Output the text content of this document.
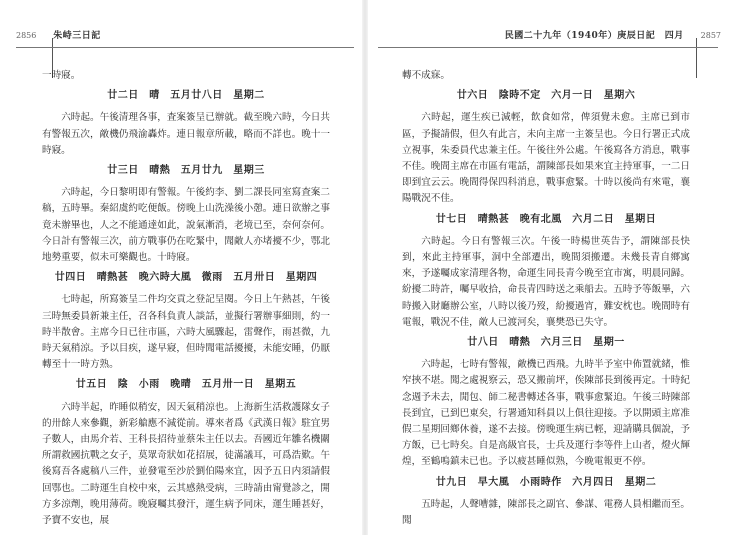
2856 朱峙三日記

一時寢。

廿二日　晴　五月廿八日　星期二

六時起。午後清理各事，査案簽呈已辦就。截至晚六時，今日共有警報五次，敵機仍飛渝轟炸。連日報章所載，略而不詳也。晚十一時寢。

廿三日　晴熱　五月廿九　星期三

六時起，今日黎明即有警報。午後約李、劉二課長同室寫査案二稿，五時畢。秦紹虞約吃便飯。傍晚上山洗澡後小憩。連日欲辦之事竟未辦畢也，人之不能通達如此，說氣漸消，老境已至，奈何奈何。今日計有警報三次，前方戰事仍在吃緊中，聞敵人亦堵擾不少，鄂北地勢重要，似未可樂觀也。十時寢。

廿四日　晴熱甚　晚六時大風　微雨　五月卅日　星期四

七時起，所寫簽呈二件均交貢之登記呈閱。今日上午熱甚，午後三時無委員新兼主任，召各科負責人談話，並擬行署辦事細則，約一時半散會。主席今日已往市區，六時大風驟起，雷聲作，雨甚微，九時天氣稍涼。予以目疾，遂早寢，但時聞電話擾擾，未能安睡，仍厭轉至十一時方熟。

廿五日　陰　小雨　晚晴　五月卅一日　星期五

六時半起，昨睡似稍安，因天氣稍涼也。上海新生活救護隊女子的卅餘人來參觀，新彩艙應不減從前。導來者爲《武漢日報》駐宜男子數人，由馬介若、王科長招待並蔡朱主任以去。吾國近年雛名機關所謂救國抗戰之女子，莫眾奇狀如花招展，徒滿議耳，可爲浩歎。午後寫吾各處稿八三件，並發電至沙於劉伯陽來宜，因予五日内須請假回鄂也。二時運生自校中來，云其感熱受病，三時請由甯覺診之，開方多涼劑，晚用薄荷。晚寢囑其發汗，運生病予同床，運生睡甚好，予寶不安也，展

民國二十九年（1940年）庚辰日記　四月 2857

轉不成寐。

廿六日　陰時不定　六月一日　星期六

六時起，運生疾已減輕，飲食如常，俾須覺未愈。主席已到市區，予擬請假，但久有此言，未向主席一主簽呈也。今日行署正式成立視事，朱委員代忠兼主任。午後往外公處。午後寫各方消息，戰事不佳。晚間主席在市區有電話，謂陳部長如果來宜主持軍事，一二日即到宜云云。晚間得保四科消息，戰事愈緊。十時以後尚有來電，襄陽戰況不佳。

廿七日　晴熱甚　晚有北風　六月二日　星期日

六時起。今日有警報三次。午後一時楊世英告予，謂陳部長快到，來此主持軍事，洞中全部遷出，晚間須搬遷。未幾長青自鄉寓來，予遂囑成家清理各物，命運生同長青今晚至宜市寓，明晨同歸。紛擾二時許，囑早收拾，命長青四時送之乘船去。五時予等飯畢，六時搬入財廳辦公室，八時以後乃歿，紛擾過宵，難安枕也。晚間時有電報，戰況不佳，敵人已渡河矣，襄樊恐已失守。

廿八日　晴熱　六月三日　星期一

六時起，七時有警報，敵機已西飛。九時半予室中佈置就緒，惟窄挾不堪。聞之處視察云，恐又搬前坪，俟陳部長到後再定。十時紀念週予未去，閒包、師二秘書轉述各事，戰事愈緊迫。午後三時陳部長到宜，已到巴東矣，行署通知科員以上俱往迎接。予以開頭主席准假二星期回鄉休養，遂不去接。傍晚運生病已輕，迎請購具個說，予方飯，已七時矣。自是高級官長，士兵及運行李等件上山者，燈火輝煌，至鶴嗚鎮未已也。予以疲甚睡似熟，今晚電報更不停。

廿九日　早大風　小雨時作　六月四日　星期二

五時起，人聲嘈雜，陳部長之副官、參謀、電務人員相繼而至。聞
